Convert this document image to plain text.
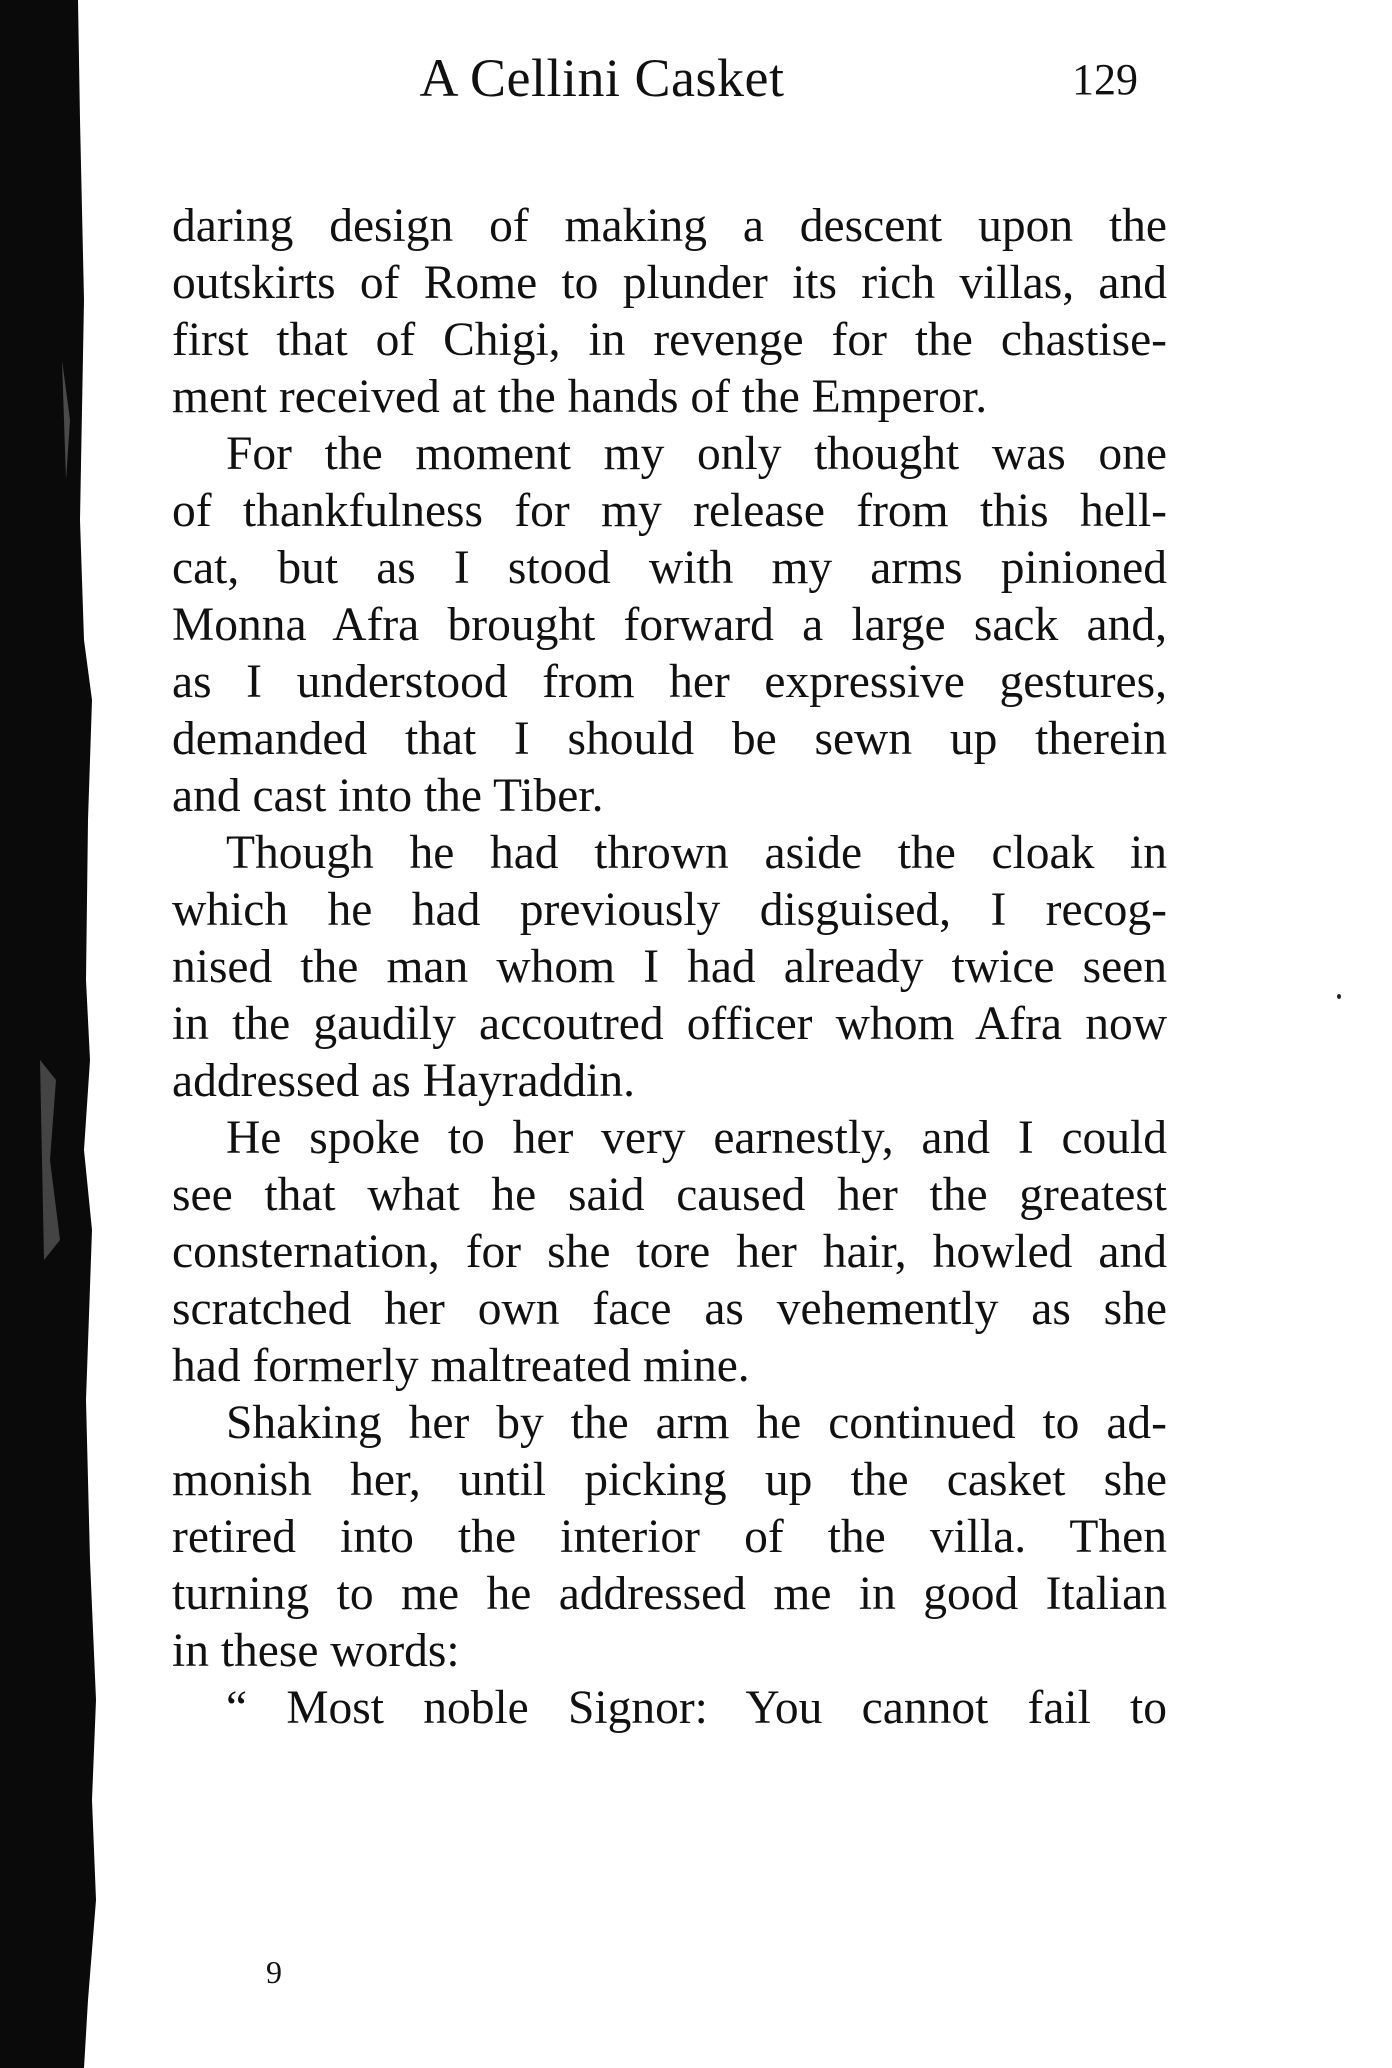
A Cellini Casket	129
daring design of making a descent upon the
outskirts of Rome to plunder its rich villas, and
first that of Chigi, in revenge for the chastise-
ment received at the hands of the Emperor.
For the moment my only thought was one
of thankfulness for my release from this hell-
cat, but as I stood with my arms pinioned
Monna Afra brought forward a large sack and,
as I understood from her expressive gestures,
demanded that I should be sewn up therein
and cast into the Tiber.
Though he had thrown aside the cloak in
which he had previously disguised, I recog-
nised the man whom I had already twice seen
in the gaudily accoutred officer whom Afra now
addressed as Hayraddin.
He spoke to her very earnestly, and I could
see that what he said caused her the greatest
consternation, for she tore her hair, howled and
scratched her own face as vehemently as she
had formerly maltreated mine.
Shaking her by the arm he continued to ad-
monish her, until picking up the casket she
retired into the interior of the villa. Then
turning to me he addressed me in good Italian
in these words:
“ Most noble Signor: You cannot fail to
9
